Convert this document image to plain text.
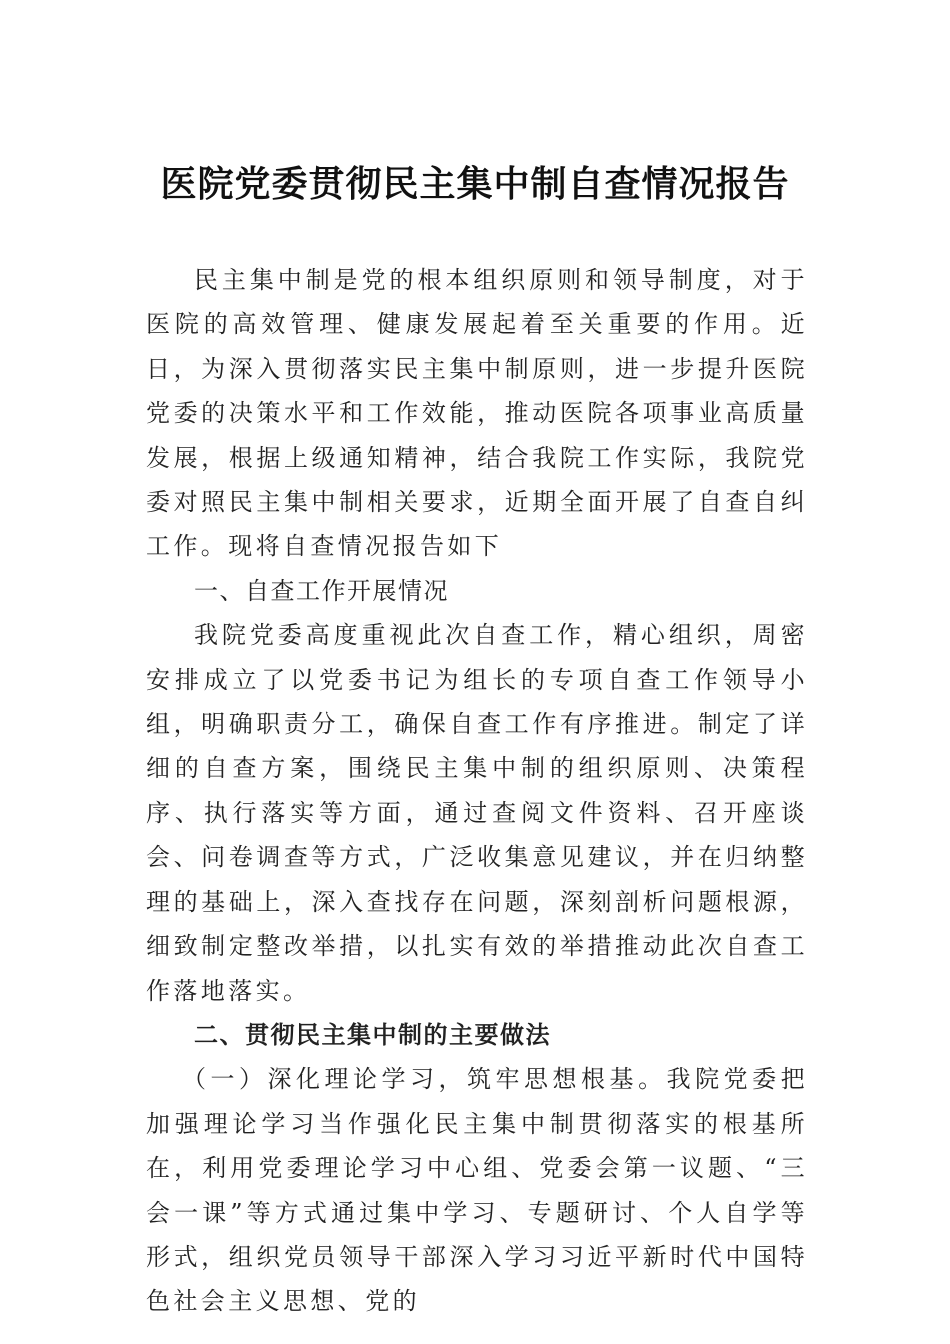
医院党委贯彻民主集中制自查情况报告

民主集中制是党的根本组织原则和领导制度，对于医院的高效管理、健康发展起着至关重要的作用。近日，为深入贯彻落实民主集中制原则，进一步提升医院党委的决策水平和工作效能，推动医院各项事业高质量发展，根据上级通知精神，结合我院工作实际，我院党委对照民主集中制相关要求，近期全面开展了自查自纠工作。现将自查情况报告如下

一、自查工作开展情况

我院党委高度重视此次自查工作，精心组织，周密安排成立了以党委书记为组长的专项自查工作领导小组，明确职责分工，确保自查工作有序推进。制定了详细的自查方案，围绕民主集中制的组织原则、决策程序、执行落实等方面，通过查阅文件资料、召开座谈会、问卷调查等方式，广泛收集意见建议，并在归纳整理的基础上，深入查找存在问题，深刻剖析问题根源，细致制定整改举措，以扎实有效的举措推动此次自查工作落地落实。

二、贯彻民主集中制的主要做法

（一）深化理论学习，筑牢思想根基。我院党委把加强理论学习当作强化民主集中制贯彻落实的根基所在，利用党委理论学习中心组、党委会第一议题、“三会一课”等方式通过集中学习、专题研讨、个人自学等形式，组织党员领导干部深入学习习近平新时代中国特色社会主义思想、党的
